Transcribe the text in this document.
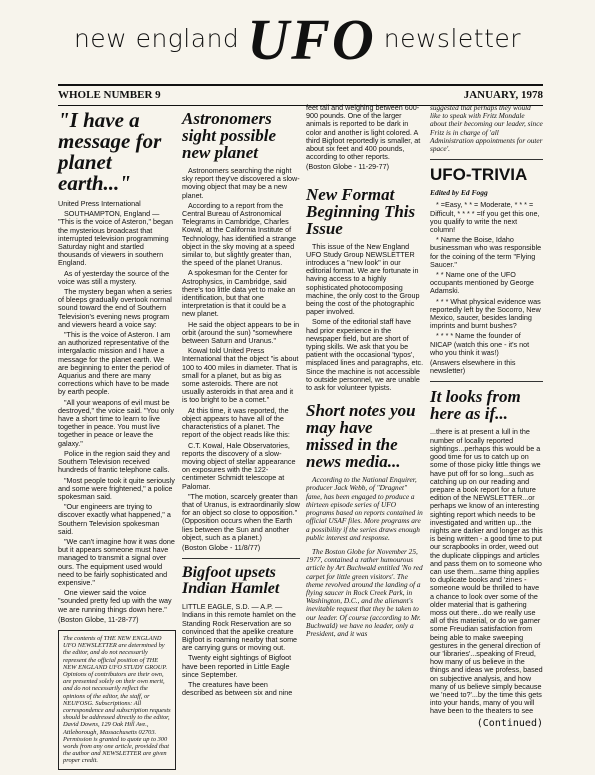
new england UFO newsletter
WHOLE NUMBER 9	JANUARY, 1978
"I have a message for planet earth..."

United Press International

SOUTHAMPTON, England — "This is the voice of Asteron," began the mysterious broadcast that interrupted television programming Saturday night and startled thousands of viewers in southern England.

As of yesterday the source of the voice was still a mystery.

The mystery began when a series of bleeps gradually overtook normal sound toward the end of Southern Television's evening news program and viewers heard a voice say:

"This is the voice of Asteron. I am an authorized representative of the intergalactic mission and I have a message for the planet earth. We are beginning to enter the period of Aquarius and there are many corrections which have to be made by earth people.

"All your weapons of evil must be destroyed," the voice said. "You only have a short time to learn to live together in peace. You must live together in peace or leave the galaxy."

Police in the region said they and Southern Television received hundreds of frantic telephone calls.

"Most people took it quite seriously and some were frightened," a police spokesman said.

"Our engineers are trying to discover exactly what happened," a Southern Television spokesman said.

"We can't imagine how it was done but it appears someone must have managed to transmit a signal over ours. The equipment used would need to be fairly sophisticated and expensive."

One viewer said the voice "sounded pretty fed up with the way we are running things down here."

(Boston Globe, 11-28-77)

The contents of THE NEW ENGLAND UFO NEWSLETTER are determined by the editor, and do not necessarily represent the official position of THE NEW ENGLAND UFO STUDY GROUP. Opinions of contributors are their own, are presented solely on their own merit, and do not necessarily reflect the opinions of the editor, the staff, or NEUFOSG. Subscriptions: All correspondence and subscription requests should be addressed directly to the editor, David Downs, 129 Oak Hill Ave., Attleborough, Massachusetts 02703. Permission is granted to quote up to 300 words from any one article, provided that the author and NEWSLETTER are given proper credit.

Astronomers sight possible new planet

Astronomers searching the night sky report they've discovered a slow-moving object that may be a new planet.

According to a report from the Central Bureau of Astronomical Telegrams in Cambridge, Charles Kowal, at the California Institute of Technology, has identified a strange object in the sky moving at a speed similar to, but slightly greater than, the speed of the planet Uranus.

A spokesman for the Center for Astrophysics, in Cambridge, said there's too little data yet to make an identification, but that one interpretation is that it could be a new planet.

He said the object appears to be in orbit (around the sun) "somewhere between Saturn and Uranus."

Kowal told United Press International that the object "is about 100 to 400 miles in diameter. That is small for a planet, but as big as some asteroids. There are not usually asteroids in that area and it is too bright to be a comet."

At this time, it was reported, the object appears to have all of the characteristics of a planet. The report of the object reads like this:

C.T. Kowal, Hale Observatories, reports the discovery of a slow-moving object of stellar appearance on exposures with the 122-centimeter Schmidt telescope at Palomar.

"The motion, scarcely greater than that of Uranus, is extraordinarily slow for an object so close to opposition." (Opposition occurs when the Earth lies between the Sun and another object, such as a planet.)

(Boston Globe - 11/8/77)

Bigfoot upsets Indian Hamlet

LITTLE EAGLE, S.D. — A.P. — Indians in this remote hamlet on the Standing Rock Reservation are so convinced that the apelike creature Bigfoot is roaming nearby that some are carrying guns or moving out.

Twenty eight sightings of Bigfoot have been reported in Little Eagle since September.

The creatures have been described as between six and nine

feet tall and weighing between 600-900 pounds. One of the larger animals is reported to be dark in color and another is light colored. A third Bigfoot reportedly is smaller, at about six feet and 400 pounds, according to other reports.

(Boston Globe - 11-29-77)

New Format Beginning This Issue

This issue of the New England UFO Study Group NEWSLETTER introduces a "new look" in our editorial format. We are fortunate in having access to a highly sophisticated photocomposing machine, the only cost to the Group being the cost of the photographic paper involved.

Some of the editorial staff have had prior experience in the newspaper field, but are short of typing skills. We ask that you be patient with the occasional 'typos', misplaced lines and paragraphs, etc. Since the machine is not accessible to outside personnel, we are unable to ask for volunteer typists.

Short notes you may have missed in the news media...

According to the National Enquirer, producer Jack Webb, of "Dragnet" fame, has been engaged to produce a thirteen episode series of UFO programs based on reports contained in official USAF files. More programs are a possibility if the series draws enough public interest and response.

The Boston Globe for November 25, 1977, contained a rather humourous article by Art Buchwald entitled 'No red carpet for little green visitors'. The theme revolved around the landing of a flying saucer in Rock Creek Park, in Washington, D.C., and the alienant's inevitable request that they be taken to our leader. Of course (according to Mr. Buchwald) we have no leader, only a President, and it was

suggested that perhaps they would like to speak with Fritz Mondale about their becoming our leader, since Fritz is in charge of 'all Administration appointments for outer space'.

UFO-TRIVIA
Edited by Ed Fogg

* =Easy, * * = Moderate, * * * = Difficult, * * * * =If you get this one, you qualify to write the next column!

* Name the Boise, Idaho businessman who was responsible for the coining of the term "Flying Saucer."

* * Name one of the UFO occupants mentioned by George Adamski.

* * * What physical evidence was reportedly left by the Socorro, New Mexico, saucer, besides landing imprints and burnt bushes?

* * * * Name the founder of NICAP (watch this one - it's not who you think it was!)

(Answers elsewhere in this newsletter)

It looks from here as if...

...there is at present a lull in the number of locally reported sightings...perhaps this would be a good time for us to catch up on some of those picky little things we have put off for so long...such as catching up on our reading and prepare a book report for a future edition of the NEWSLETTER...or perhaps we know of an interesting sighting report which needs to be investigated and written up...the nights are darker and longer as this is being written - a good time to put our scrapbooks in order, weed out the duplicate clippings and articles and pass them on to someone who can use them...same thing applies to duplicate books and 'zines - someone would be thrilled to have a chance to look over some of the older material that is gathering moss out there...do we really use all of this material, or do we garner some Freudian satisfaction from being able to make sweeping gestures in the general direction of our 'libraries'...speaking of Freud, how many of us believe in the things and ideas we profess, based on subjective analysis, and how many of us believe simply because we 'need to?'...by the time this gets into your hands, many of you will have been to the theaters to see

(Continued)
